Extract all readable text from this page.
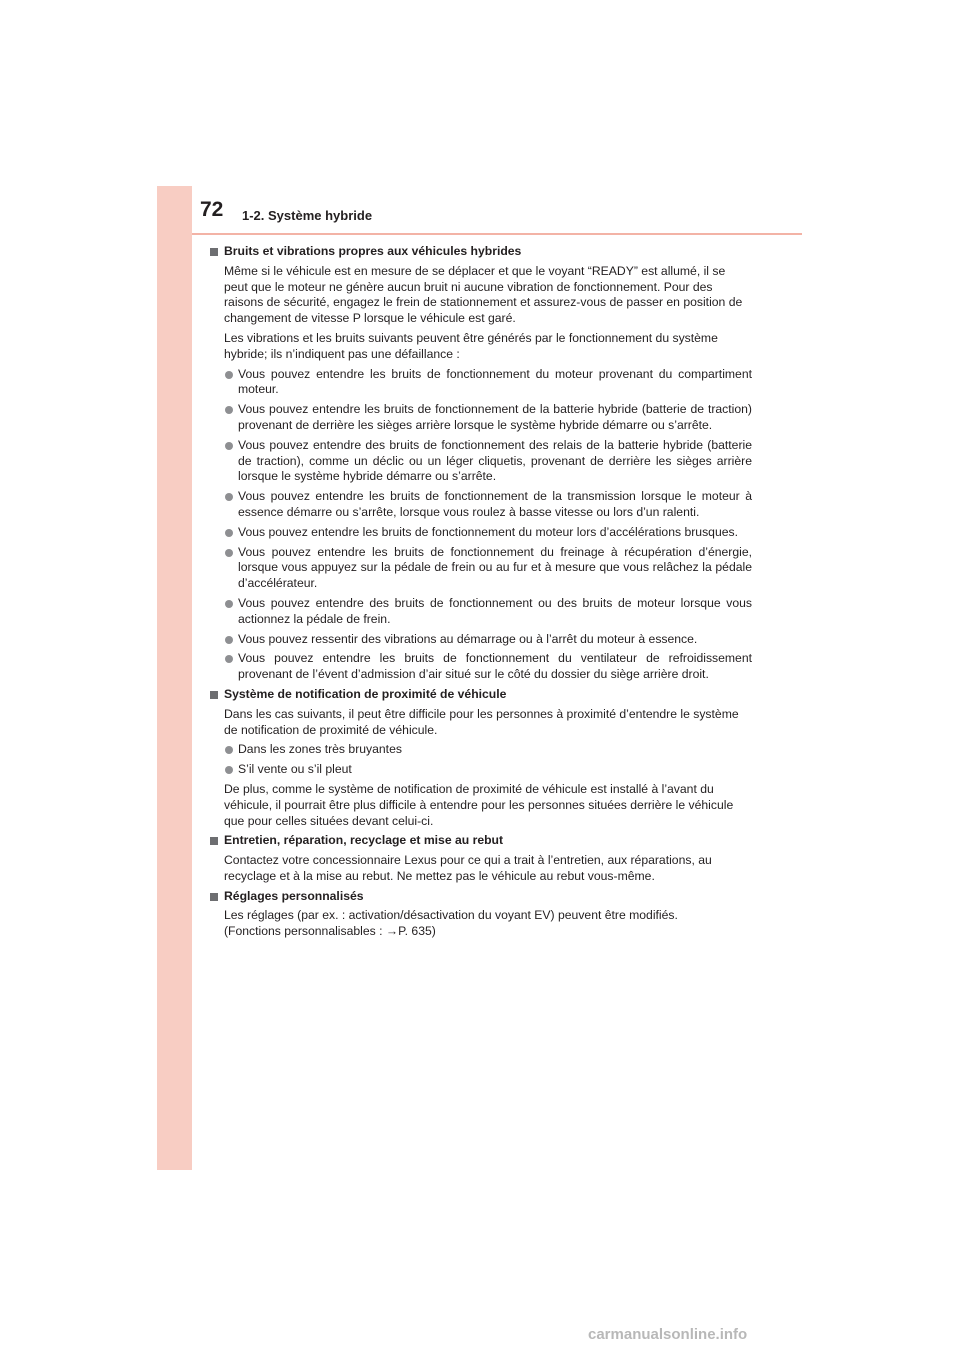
72 1-2. Système hybride
Bruits et vibrations propres aux véhicules hybrides

Même si le véhicule est en mesure de se déplacer et que le voyant “READY” est allumé, il se peut que le moteur ne génère aucun bruit ni aucune vibration de fonctionnement. Pour des raisons de sécurité, engagez le frein de stationnement et assurez-vous de passer en position de changement de vitesse P lorsque le véhicule est garé.

Les vibrations et les bruits suivants peuvent être générés par le fonctionnement du système hybride; ils n’indiquent pas une défaillance :

Vous pouvez entendre les bruits de fonctionnement du moteur provenant du compartiment moteur.
Vous pouvez entendre les bruits de fonctionnement de la batterie hybride (batterie de traction) provenant de derrière les sièges arrière lorsque le système hybride démarre ou s’arrête.
Vous pouvez entendre des bruits de fonctionnement des relais de la batterie hybride (batterie de traction), comme un déclic ou un léger cliquetis, provenant de derrière les sièges arrière lorsque le système hybride démarre ou s’arrête.
Vous pouvez entendre les bruits de fonctionnement de la transmission lorsque le moteur à essence démarre ou s’arrête, lorsque vous roulez à basse vitesse ou lors d’un ralenti.
Vous pouvez entendre les bruits de fonctionnement du moteur lors d’accélérations brusques.
Vous pouvez entendre les bruits de fonctionnement du freinage à récupération d’énergie, lorsque vous appuyez sur la pédale de frein ou au fur et à mesure que vous relâchez la pédale d’accélérateur.
Vous pouvez entendre des bruits de fonctionnement ou des bruits de moteur lorsque vous actionnez la pédale de frein.
Vous pouvez ressentir des vibrations au démarrage ou à l’arrêt du moteur à essence.
Vous pouvez entendre les bruits de fonctionnement du ventilateur de refroidissement provenant de l’évent d’admission d’air situé sur le côté du dossier du siège arrière droit.
Système de notification de proximité de véhicule

Dans les cas suivants, il peut être difficile pour les personnes à proximité d’entendre le système de notification de proximité de véhicule.

Dans les zones très bruyantes
S’il vente ou s’il pleut

De plus, comme le système de notification de proximité de véhicule est installé à l’avant du véhicule, il pourrait être plus difficile à entendre pour les personnes situées derrière le véhicule que pour celles situées devant celui-ci.

Entretien, réparation, recyclage et mise au rebut

Contactez votre concessionnaire Lexus pour ce qui a trait à l’entretien, aux réparations, au recyclage et à la mise au rebut. Ne mettez pas le véhicule au rebut vous-même.

Réglages personnalisés

Les réglages (par ex. : activation/désactivation du voyant EV) peuvent être modifiés.

(Fonctions personnalisables : →P. 635)

carmanualsonline.info
